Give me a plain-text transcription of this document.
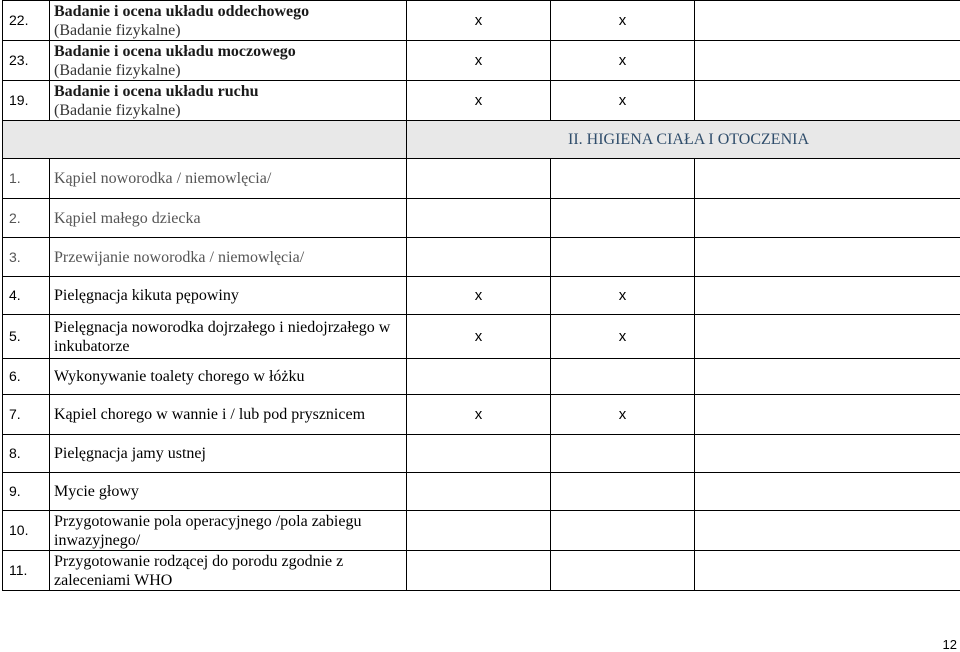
22.	Badanie i ocena układu oddechowego
(Badanie fizykalne)	x	x	
23.	Badanie i ocena układu moczowego
(Badanie fizykalne)	x	x	
19.	Badanie i ocena układu ruchu
(Badanie fizykalne)	x	x	
		II. HIGIENA CIAŁA I OTOCZENIA		
1.	Kąpiel noworodka / niemowlęcia/			
2.	Kąpiel małego dziecka			
3.	Przewijanie noworodka / niemowlęcia/			
4.	Pielęgnacja kikuta pępowiny	x	x	
5.	Pielęgnacja noworodka dojrzałego i niedojrzałego w inkubatorze	x	x	
6.	Wykonywanie toalety chorego w łóżku			
7.	Kąpiel chorego w wannie i / lub pod prysznicem	x	x	
8.	Pielęgnacja jamy ustnej			
9.	Mycie głowy			
10.	Przygotowanie pola operacyjnego /pola zabiegu inwazyjnego/			
11.	Przygotowanie rodzącej do porodu zgodnie z zaleceniami WHO			
12
